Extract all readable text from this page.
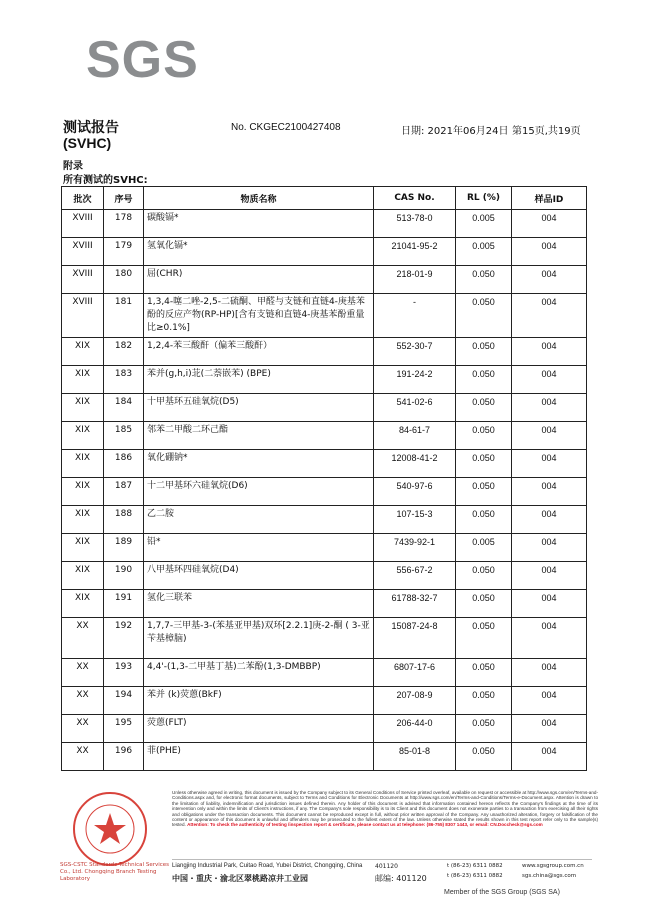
SGS
测试报告
(SVHC)
No. CKGEC2100427408	日期: 2021年06月24日 第15页,共19页
附录
所有测试的SVHC:
批次	序号	物质名称	CAS No.	RL (%)	样品ID
XVIII	178	碳酸镉*	513-78-0	0.005	004
XVIII	179	氢氧化镉*	21041-95-2	0.005	004
XVIII	180	屈(CHR)	218-01-9	0.050	004
XVIII	181	1,3,4-噻二唑-2,5-二硫酮、甲醛与支链和直链4-庚基苯酚的反应产物(RP-HP)[含有支链和直链4-庚基苯酚重量比≥0.1%]	-	0.050	004
XIX	182	1,2,4-苯三酸酐（偏苯三酸酐）	552-30-7	0.050	004
XIX	183	苯并(g,h,i)苝(二萘嵌苯) (BPE)	191-24-2	0.050	004
XIX	184	十甲基环五硅氧烷(D5)	541-02-6	0.050	004
XIX	185	邻苯二甲酸二环己酯	84-61-7	0.050	004
XIX	186	氧化硼钠*	12008-41-2	0.050	004
XIX	187	十二甲基环六硅氧烷(D6)	540-97-6	0.050	004
XIX	188	乙二胺	107-15-3	0.050	004
XIX	189	铅*	7439-92-1	0.005	004
XIX	190	八甲基环四硅氧烷(D4)	556-67-2	0.050	004
XIX	191	氢化三联苯	61788-32-7	0.050	004
XX	192	1,7,7-三甲基-3-(苯基亚甲基)双环[2.2.1]庚-2-酮 ( 3-亚苄基樟脑)	15087-24-8	0.050	004
XX	193	4,4'-(1,3-二甲基丁基)二苯酚(1,3-DMBBP)	6807-17-6	0.050	004
XX	194	苯并 (k)荧蒽(BkF)	207-08-9	0.050	004
XX	195	荧蒽(FLT)	206-44-0	0.050	004
XX	196	菲(PHE)	85-01-8	0.050	004
SGS-CSTC Standards Technical Services Co., Ltd. Chongqing Branch Testing Laboratory
Unless otherwise agreed in writing, this document is issued by the Company subject to its General Conditions of Service printed overleaf, available on request or accessible at http://www.sgs.com/en/Terms-and-Conditions.aspx and, for electronic format documents, subject to Terms and Conditions for Electronic Documents at http://www.sgs.com/en/Terms-and-Conditions/Terms-e-Document.aspx. Attention is drawn to the limitation of liability, indemnification and jurisdiction issues defined therein. Any holder of this document is advised that information contained hereon reflects the Company's findings at the time of its intervention only and within the limits of Client's instructions, if any. The Company's sole responsibility is to its Client and this document does not exonerate parties to a transaction from exercising all their rights and obligations under the transaction documents. This document cannot be reproduced except in full, without prior written approval of the Company. Any unauthorized alteration, forgery or falsification of the content or appearance of this document is unlawful and offenders may be prosecuted to the fullest extent of the law. Unless otherwise stated the results shown in this test report refer only to the sample(s) tested. Attention: To check the authenticity of testing /inspection report & certificate, please contact us at telephone: (86-755) 8307 1443, or email: CN.Doccheck@sgs.com
Liangjing Industrial Park, Cuitao Road, Yubei District, Chongqing, China
中国・重庆・渝北区翠桃路凉井工业园
401120
邮编: 401120
t (86-23) 6311 0882
t (86-23) 6311 0882
www.sgsgroup.com.cn
sgs.china@sgs.com
Member of the SGS Group (SGS SA)
